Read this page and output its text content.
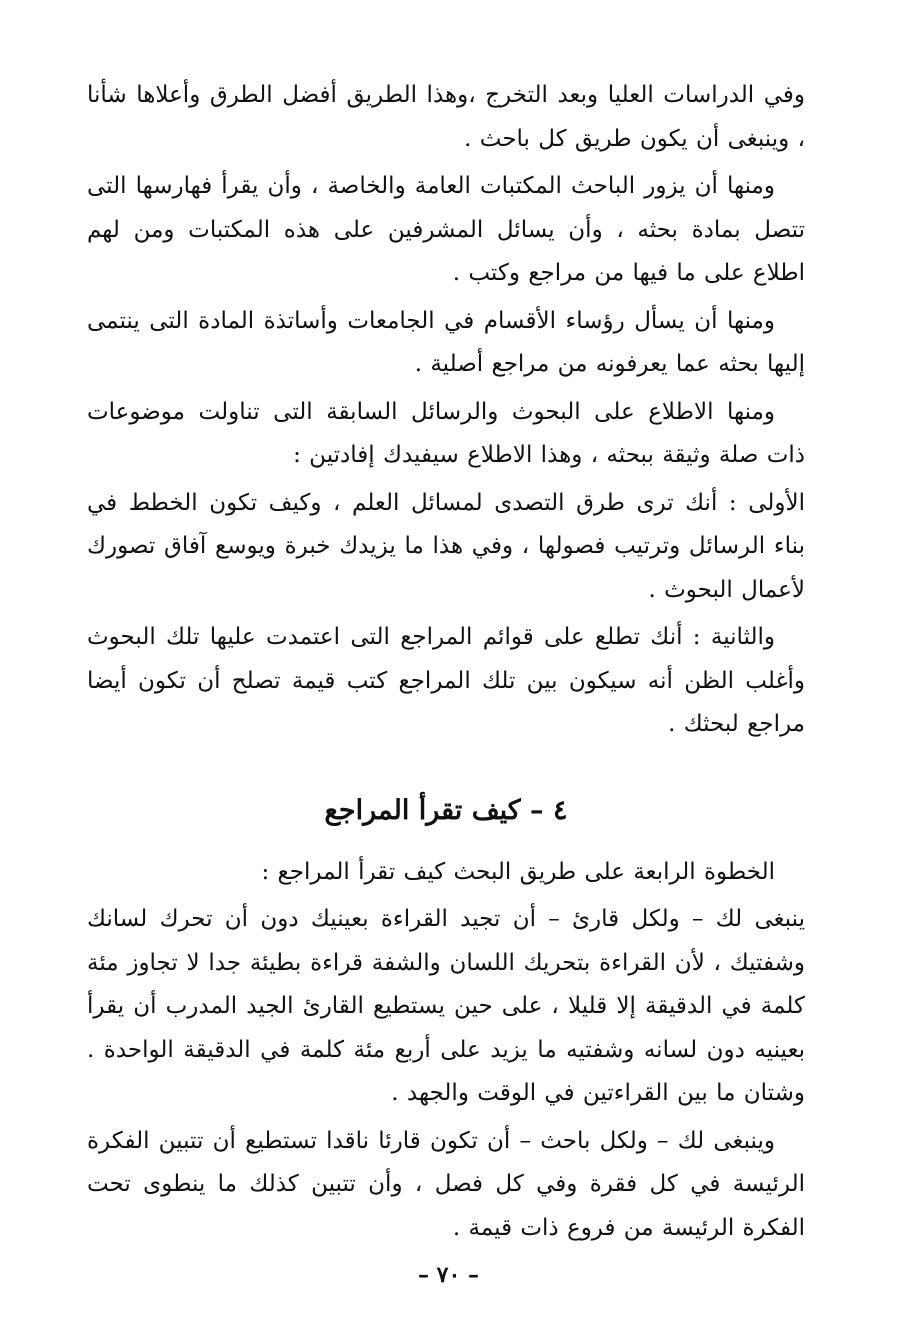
وفي الدراسات العليا وبعد التخرج ،وهذا الطريق أفضل الطرق وأعلاها شأنا ، وينبغى أن يكون طريق كل باحث .

ومنها أن يزور الباحث المكتبات العامة والخاصة ، وأن يقرأ فهارسها التى تتصل بمادة بحثه ، وأن يسائل المشرفين على هذه المكتبات ومن لهم اطلاع على ما فيها من مراجع وكتب .

ومنها أن يسأل رؤساء الأقسام في الجامعات وأساتذة المادة التى ينتمى إليها بحثه عما يعرفونه من مراجع أصلية .

ومنها الاطلاع على البحوث والرسائل السابقة التى تناولت موضوعات ذات صلة وثيقة ببحثه ، وهذا الاطلاع سيفيدك إفادتين :

الأولى : أنك ترى طرق التصدى لمسائل العلم ، وكيف تكون الخطط في بناء الرسائل وترتيب فصولها ، وفي هذا ما يزيدك خبرة ويوسع آفاق تصورك لأعمال البحوث .

والثانية : أنك تطلع على قوائم المراجع التى اعتمدت عليها تلك البحوث وأغلب الظن أنه سيكون بين تلك المراجع كتب قيمة تصلح أن تكون أيضا مراجع لبحثك .

٤ – كيف تقرأ المراجع

الخطوة الرابعة على طريق البحث كيف تقرأ المراجع :

ينبغى لك – ولكل قارئ – أن تجيد القراءة بعينيك دون أن تحرك لسانك وشفتيك ، لأن القراءة بتحريك اللسان والشفة قراءة بطيئة جدا لا تجاوز مئة كلمة في الدقيقة إلا قليلا ، على حين يستطيع القارئ الجيد المدرب أن يقرأ بعينيه دون لسانه وشفتيه ما يزيد على أربع مئة كلمة في الدقيقة الواحدة . وشتان ما بين القراءتين في الوقت والجهد .

وينبغى لك – ولكل باحث – أن تكون قارئا ناقدا تستطيع أن تتبين الفكرة الرئيسة في كل فقرة وفي كل فصل ، وأن تتبين كذلك ما ينطوى تحت الفكرة الرئيسة من فروع ذات قيمة .

– ٧٠ –
